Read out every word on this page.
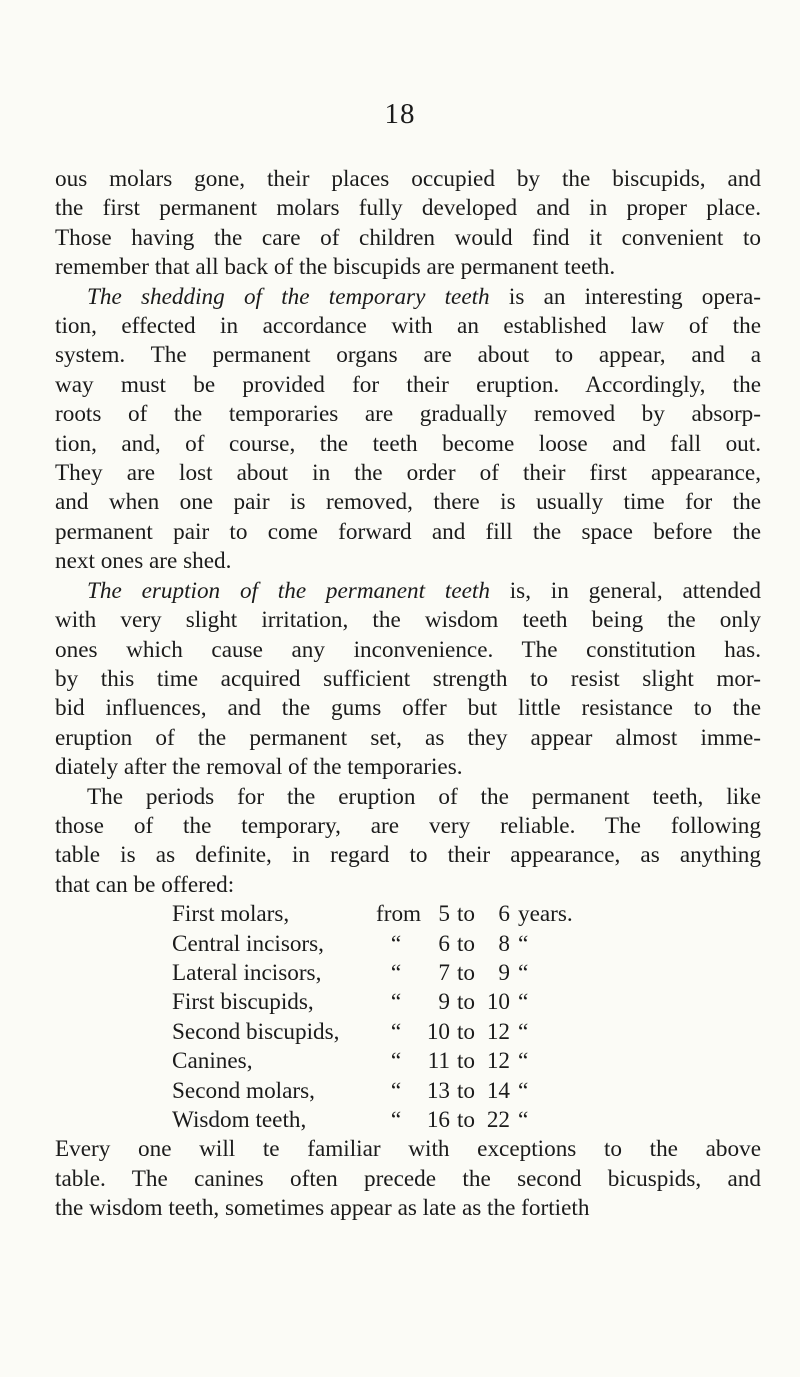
18

ous molars gone, their places occupied by the biscupids, and

the first permanent molars fully developed and in proper place.

Those having the care of children would find it convenient to

remember that all back of the biscupids are permanent teeth.

The shedding of the temporary teeth is an interesting opera-

tion, effected in accordance with an established law of the

system. The permanent organs are about to appear, and a

way must be provided for their eruption. Accordingly, the

roots of the temporaries are gradually removed by absorp-

tion, and, of course, the teeth become loose and fall out.

They are lost about in the order of their first appearance,

and when one pair is removed, there is usually time for the

permanent pair to come forward and fill the space before the

next ones are shed.

The eruption of the permanent teeth is, in general, attended

with very slight irritation, the wisdom teeth being the only

ones which cause any inconvenience. The constitution has.

by this time acquired sufficient strength to resist slight mor-

bid influences, and the gums offer but little resistance to the

eruption of the permanent set, as they appear almost imme-

diately after the removal of the temporaries.

The periods for the eruption of the permanent teeth, like

those of the temporary, are very reliable. The following

table is as definite, in regard to their appearance, as anything

that can be offered:

First molars,	from 5 to	6 years.
Central incisors,	“	6 to	8 “
Lateral incisors,	“	7 to	9 “
First biscupids,	“	9 to 10 “
Second biscupids,	“	10 to 12 “
Canines,	“	11 to 12 “
Second molars,	“	13 to 14 “
Wisdom teeth,	“	16 to 22 “

Every one will te familiar with exceptions to the above

table. The canines often precede the second bicuspids, and

the wisdom teeth, sometimes appear as late as the fortieth
